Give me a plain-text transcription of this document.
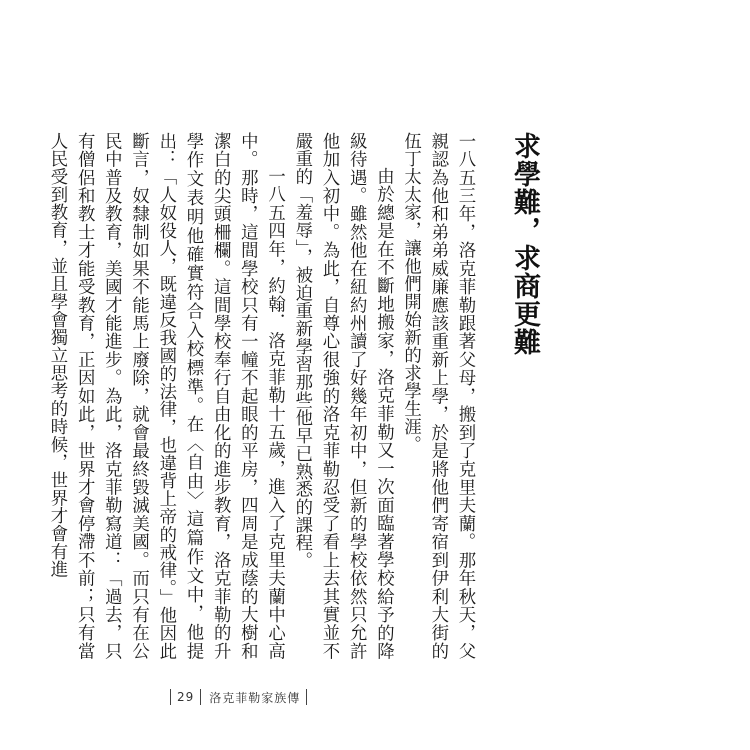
求學難，求商更難

一八五三年，洛克菲勒跟著父母，搬到了克里夫蘭。那年秋天，父親認為他和弟弟威廉應該重新上學，於是將他們寄宿到伊利大街的伍丁太太家，讓他們開始新的求學生涯。

由於總是在不斷地搬家，洛克菲勒又一次面臨著學校給予的降級待遇。雖然他在紐約州讀了好幾年初中，但新的學校依然只允許他加入初中。為此，自尊心很強的洛克菲勒忍受了看上去其實並不嚴重的「羞辱」，被迫重新學習那些他早已熟悉的課程。

一八五四年，約翰．洛克菲勒十五歲，進入了克里夫蘭中心高中。那時，這間學校只有一幢不起眼的平房，四周是成蔭的大樹和潔白的尖頭柵欄。這間學校奉行自由化的進步教育，洛克菲勒的升學作文表明他確實符合入校標準。在〈自由〉這篇作文中，他提出：「人奴役人，既違反我國的法律，也違背上帝的戒律。」他因此斷言，奴隸制如果不能馬上廢除，就會最終毀滅美國。而只有在公民中普及教育，美國才能進步。為此，洛克菲勒寫道：「過去，只有僧侶和教士才能受教育，正因如此，世界才會停滯不前；只有當人民受到教育，並且學會獨立思考的時候，世界才會有進

29 洛克菲勒家族傳
